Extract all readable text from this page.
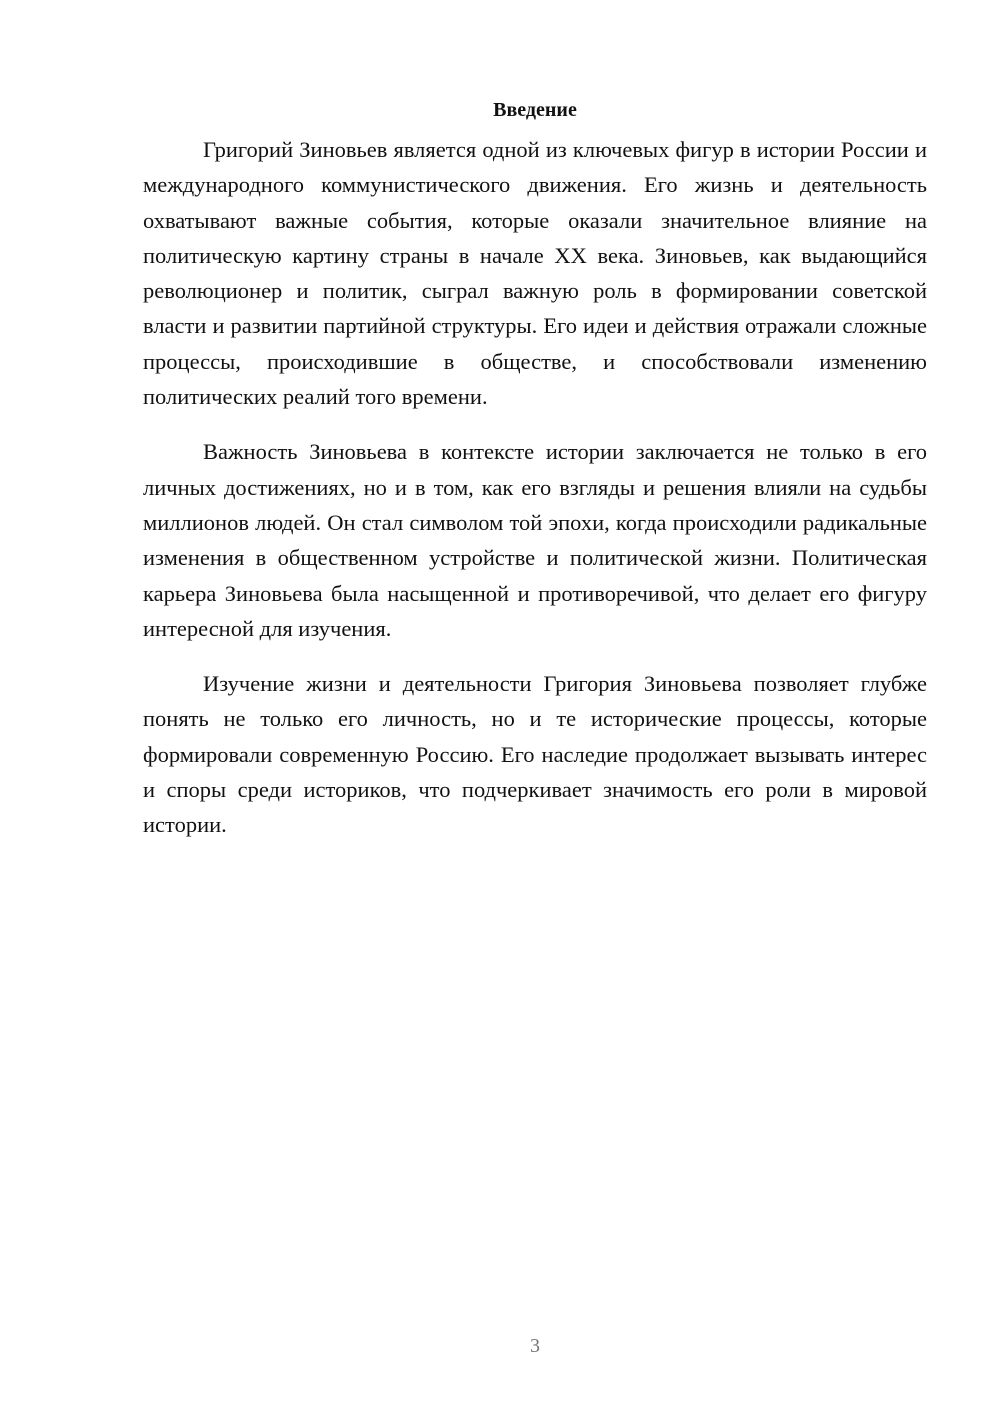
Введение

Григорий Зиновьев является одной из ключевых фигур в истории России и международного коммунистического движения. Его жизнь и деятельность охватывают важные события, которые оказали значительное влияние на политическую картину страны в начале XX века. Зиновьев, как выдающийся революционер и политик, сыграл важную роль в формировании советской власти и развитии партийной структуры. Его идеи и действия отражали сложные процессы, происходившие в обществе, и способствовали изменению политических реалий того времени.

Важность Зиновьева в контексте истории заключается не только в его личных достижениях, но и в том, как его взгляды и решения влияли на судьбы миллионов людей. Он стал символом той эпохи, когда происходили радикальные изменения в общественном устройстве и политической жизни. Политическая карьера Зиновьева была насыщенной и противоречивой, что делает его фигуру интересной для изучения.

Изучение жизни и деятельности Григория Зиновьева позволяет глубже понять не только его личность, но и те исторические процессы, которые формировали современную Россию. Его наследие продолжает вызывать интерес и споры среди историков, что подчеркивает значимость его роли в мировой истории.

3
